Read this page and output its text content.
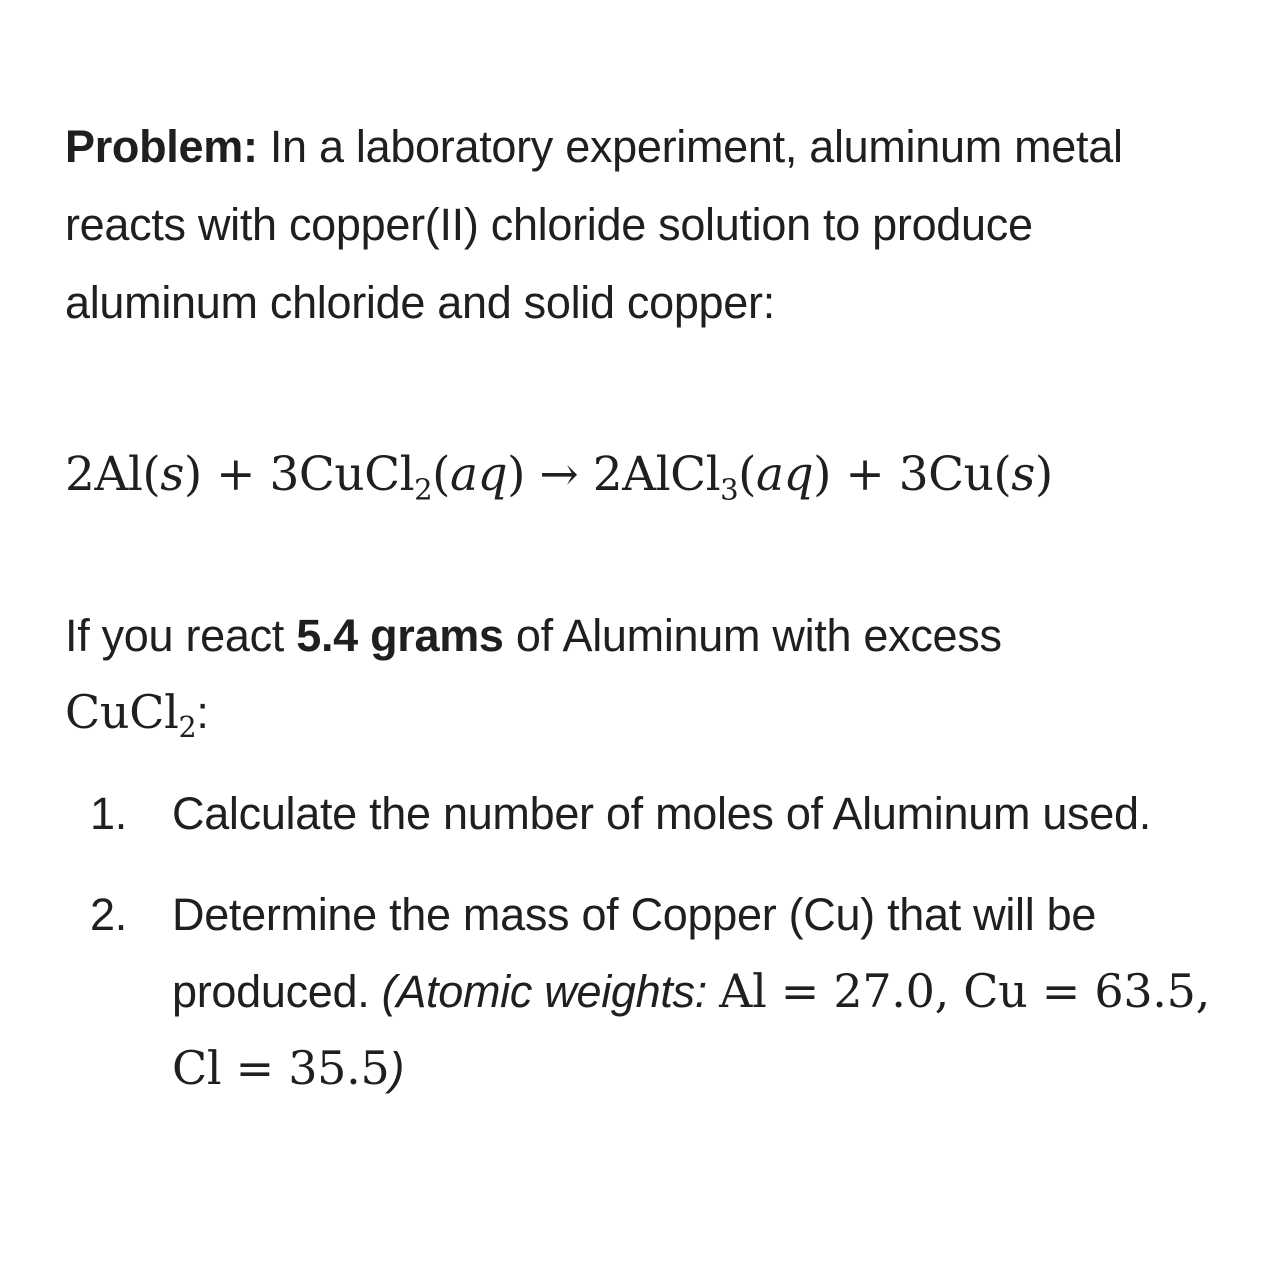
Problem: In a laboratory experiment, aluminum metal reacts with copper(II) chloride solution to produce aluminum chloride and solid copper:

2Al(s) + 3CuCl$_2$(aq) → 2AlCl$_3$(aq) + 3Cu(s)

If you react 5.4 grams of Aluminum with excess
CuCl$_2$:

1. Calculate the number of moles of Aluminum used.
2. Determine the mass of Copper (Cu) that will be produced. (Atomic weights: Al = 27.0, Cu = 63.5, Cl = 35.5)
